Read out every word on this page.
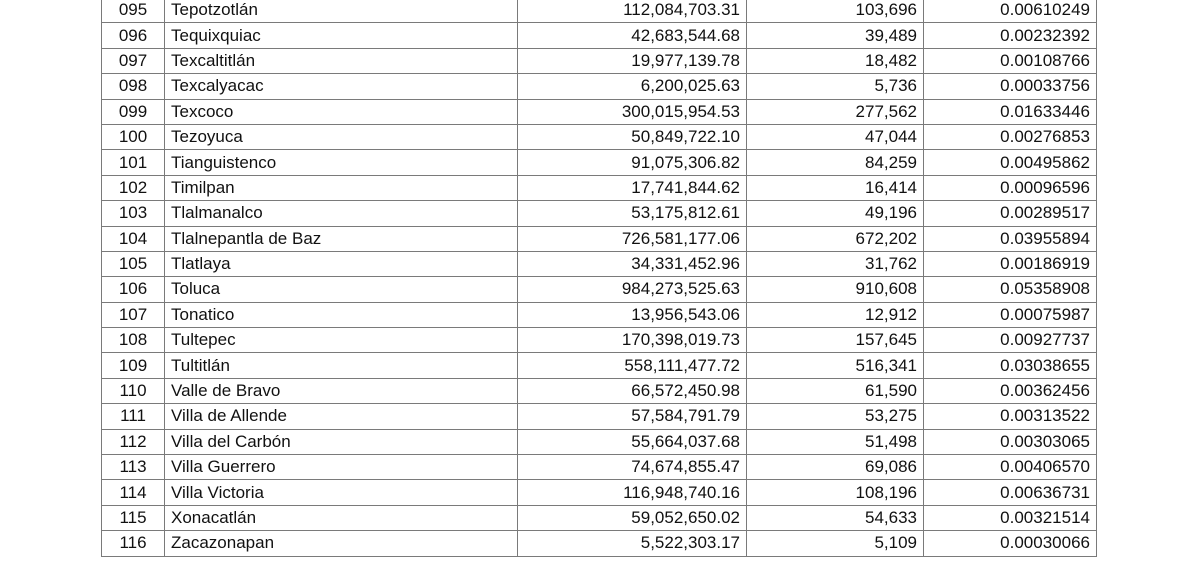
095	Tepotzotlán	112,084,703.31	103,696	0.00610249
096	Tequixquiac	42,683,544.68	39,489	0.00232392
097	Texcaltitlán	19,977,139.78	18,482	0.00108766
098	Texcalyacac	6,200,025.63	5,736	0.00033756
099	Texcoco	300,015,954.53	277,562	0.01633446
100	Tezoyuca	50,849,722.10	47,044	0.00276853
101	Tianguistenco	91,075,306.82	84,259	0.00495862
102	Timilpan	17,741,844.62	16,414	0.00096596
103	Tlalmanalco	53,175,812.61	49,196	0.00289517
104	Tlalnepantla de Baz	726,581,177.06	672,202	0.03955894
105	Tlatlaya	34,331,452.96	31,762	0.00186919
106	Toluca	984,273,525.63	910,608	0.05358908
107	Tonatico	13,956,543.06	12,912	0.00075987
108	Tultepec	170,398,019.73	157,645	0.00927737
109	Tultitlán	558,111,477.72	516,341	0.03038655
110	Valle de Bravo	66,572,450.98	61,590	0.00362456
111	Villa de Allende	57,584,791.79	53,275	0.00313522
112	Villa del Carbón	55,664,037.68	51,498	0.00303065
113	Villa Guerrero	74,674,855.47	69,086	0.00406570
114	Villa Victoria	116,948,740.16	108,196	0.00636731
115	Xonacatlán	59,052,650.02	54,633	0.00321514
116	Zacazonapan	5,522,303.17	5,109	0.00030066
